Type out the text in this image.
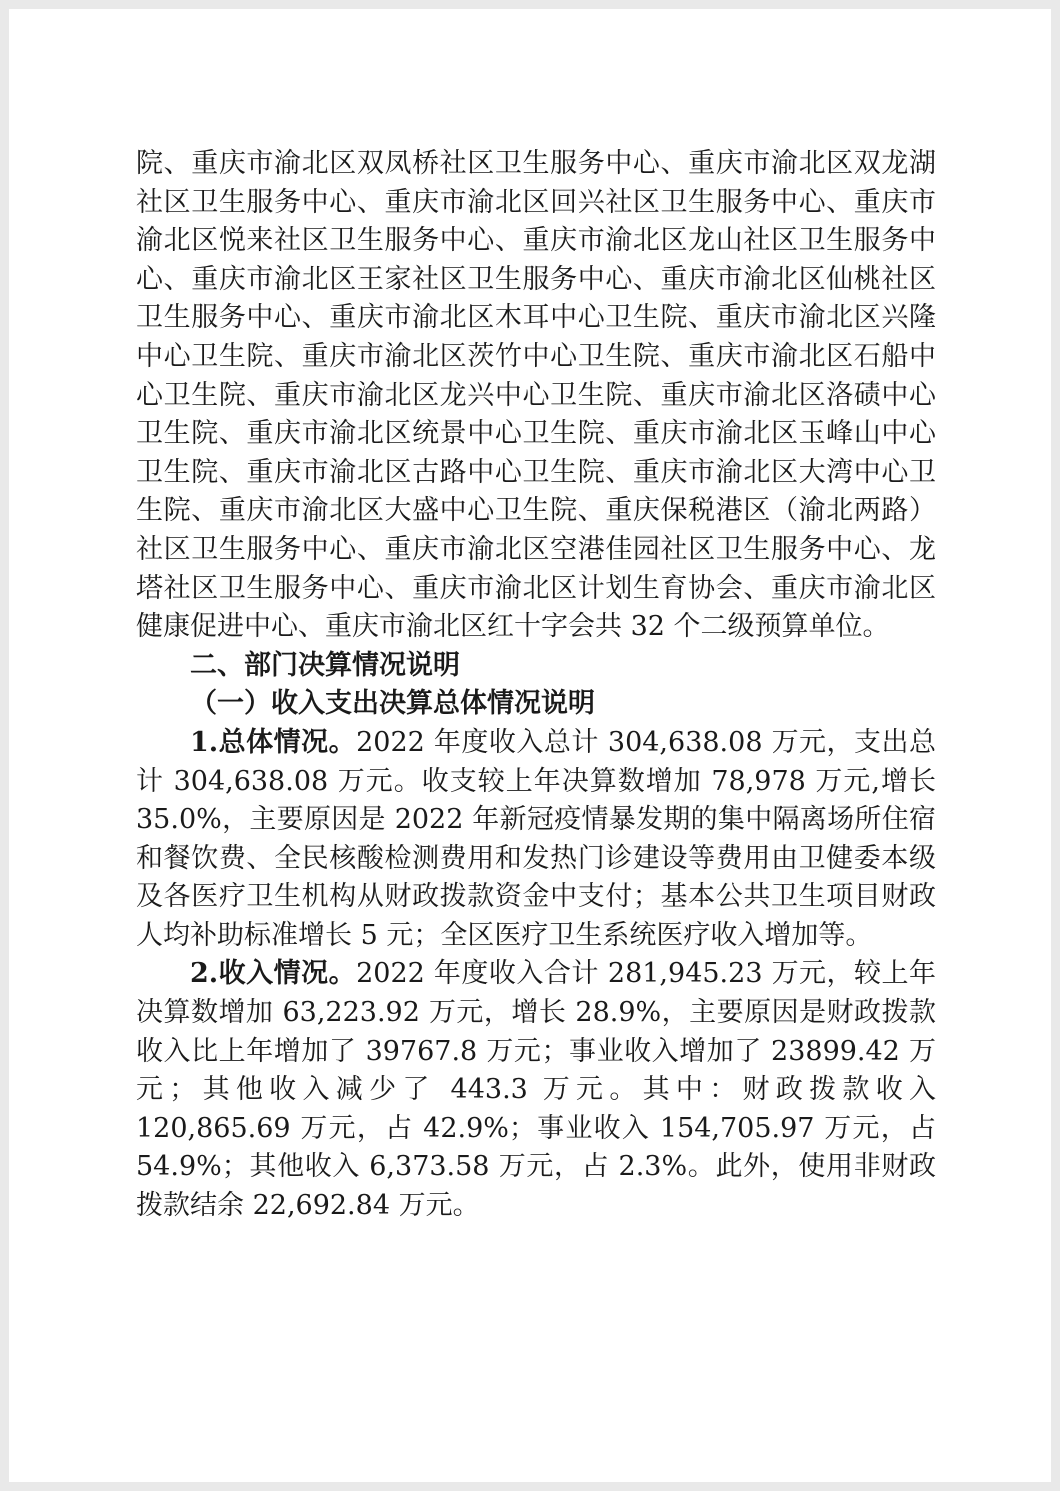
院、重庆市渝北区双凤桥社区卫生服务中心、重庆市渝北区双龙湖社区卫生服务中心、重庆市渝北区回兴社区卫生服务中心、重庆市渝北区悦来社区卫生服务中心、重庆市渝北区龙山社区卫生服务中心、重庆市渝北区王家社区卫生服务中心、重庆市渝北区仙桃社区卫生服务中心、重庆市渝北区木耳中心卫生院、重庆市渝北区兴隆中心卫生院、重庆市渝北区茨竹中心卫生院、重庆市渝北区石船中心卫生院、重庆市渝北区龙兴中心卫生院、重庆市渝北区洛碛中心卫生院、重庆市渝北区统景中心卫生院、重庆市渝北区玉峰山中心卫生院、重庆市渝北区古路中心卫生院、重庆市渝北区大湾中心卫生院、重庆市渝北区大盛中心卫生院、重庆保税港区（渝北两路）社区卫生服务中心、重庆市渝北区空港佳园社区卫生服务中心、龙塔社区卫生服务中心、重庆市渝北区计划生育协会、重庆市渝北区健康促进中心、重庆市渝北区红十字会共 32 个二级预算单位。

二、部门决算情况说明

（一）收入支出决算总体情况说明

1.总体情况。2022 年度收入总计 304,638.08 万元，支出总计 304,638.08 万元。收支较上年决算数增加 78,978 万元,增长 35.0%，主要原因是 2022 年新冠疫情暴发期的集中隔离场所住宿和餐饮费、全民核酸检测费用和发热门诊建设等费用由卫健委本级及各医疗卫生机构从财政拨款资金中支付；基本公共卫生项目财政人均补助标准增长 5 元；全区医疗卫生系统医疗收入增加等。

2.收入情况。2022 年度收入合计 281,945.23 万元，较上年决算数增加 63,223.92 万元，增长 28.9%，主要原因是财政拨款收入比上年增加了 39767.8 万元；事业收入增加了 23899.42 万元；其他收入减少了 443.3 万元。其中：财政拨款收入 120,865.69 万元，占 42.9%；事业收入 154,705.97 万元，占 54.9%；其他收入 6,373.58 万元，占 2.3%。此外，使用非财政拨款结余 22,692.84 万元。
